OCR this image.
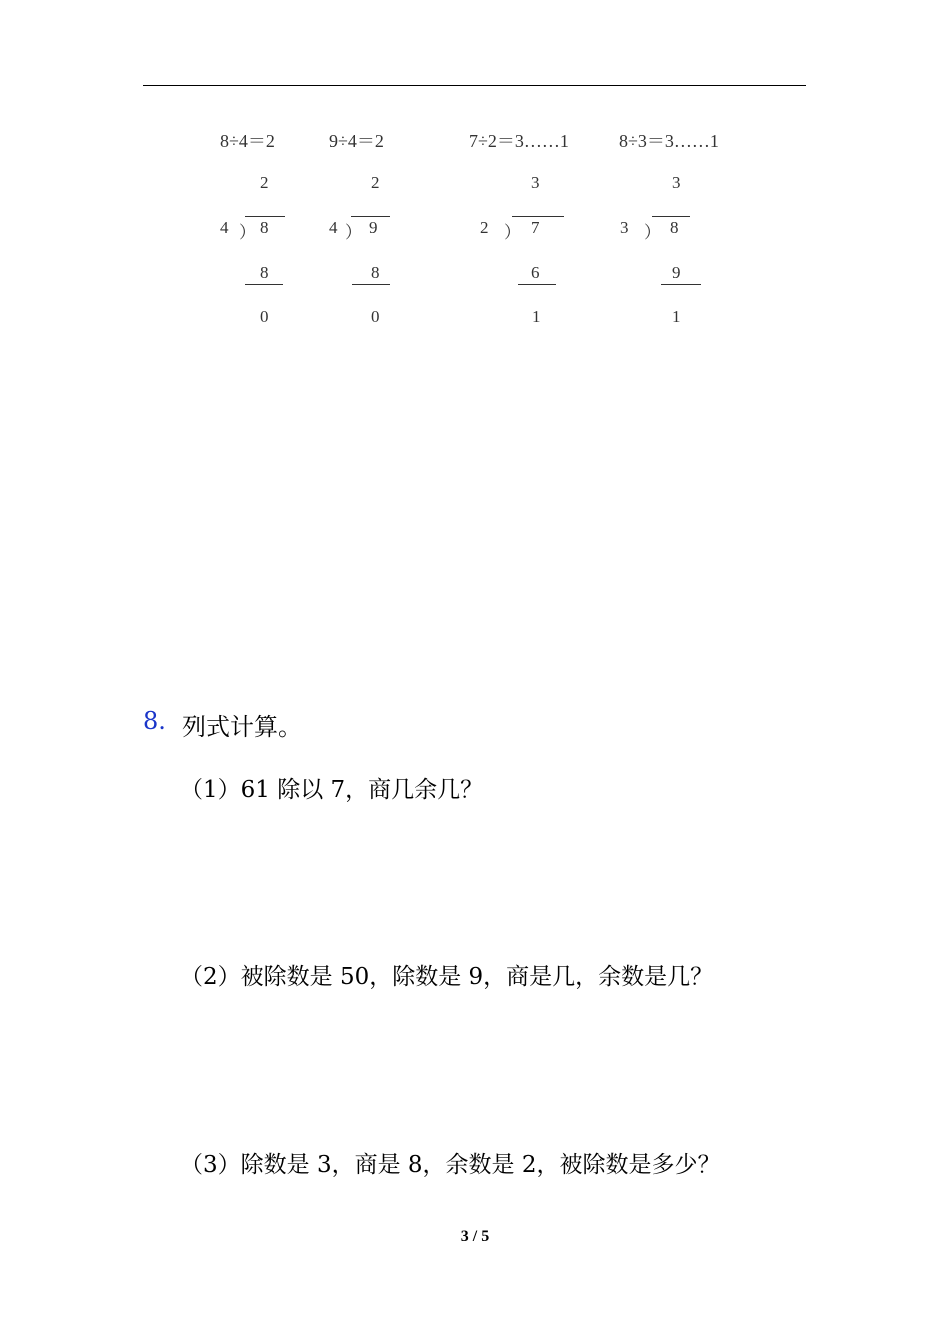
8÷4＝2	9÷4＝2	7÷2＝3……1	8÷3＝3……1
2
4 ） 8
8
0
2
4 ） 9
8
0
3
2 ） 7
6
1
3
3 ） 8
9
1
8. 列式计算。
（1）61 除以 7，商几余几？
（2）被除数是 50，除数是 9，商是几，余数是几？
（3）除数是 3，商是 8，余数是 2，被除数是多少？
3 / 5
